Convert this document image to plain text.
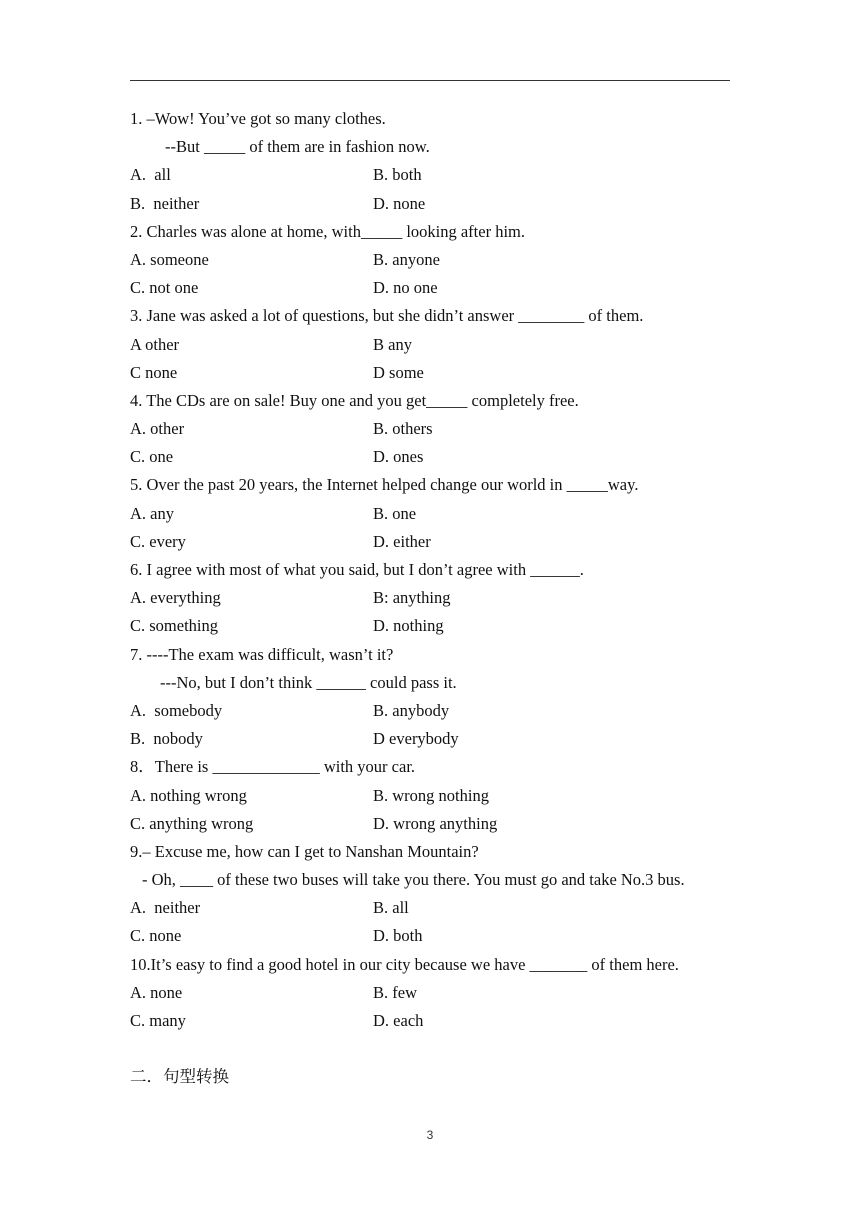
1. –Wow! You’ve got so many clothes.
--But _____ of them are in fashion now.
A.  all	B. both
B.  neither	D. none
2. Charles was alone at home, with_____ looking after him.
A. someone	B. anyone
C. not one	D. no one
3. Jane was asked a lot of questions, but she didn’t answer ________ of them.
A other	B any
C none	D some
4. The CDs are on sale! Buy one and you get_____ completely free.
A. other	B. others
C. one	D. ones
5. Over the past 20 years, the Internet helped change our world in _____way.
A. any	B. one
C. every	D. either
6. I agree with most of what you said, but I don’t agree with ______.
A. everything	B: anything
C. something	D. nothing
7. ----The exam was difficult, wasn’t it?
---No, but I don’t think ______ could pass it.
A.  somebody	B. anybody
B.  nobody	D everybody
8．There is _____________ with your car.
A. nothing wrong	B. wrong nothing
C. anything wrong	D. wrong anything
9.– Excuse me, how can I get to Nanshan Mountain?
- Oh, ____ of these two buses will take you there. You must go and take No.3 bus.
A.  neither	B. all
C. none	D. both
10.It’s easy to find a good hotel in our city because we have _______ of them here.
A. none	B. few
C. many	D. each
二．句型转换
3
